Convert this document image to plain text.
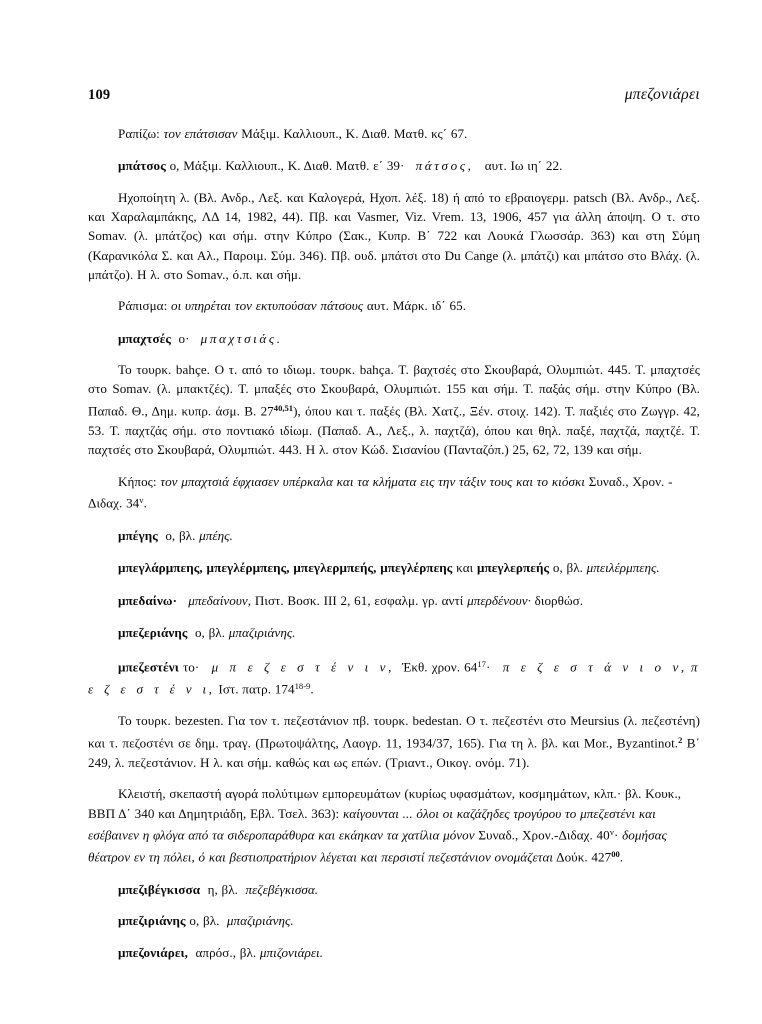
109	μπεζονιάρει

Ραπίζω: τον επάτσισαν Μάξιμ. Καλλιουπ., Κ. Διαθ. Ματθ. κς΄ 67.

μπάτσος ο, Μάξιμ. Καλλιουπ., Κ. Διαθ. Ματθ. ε΄ 39· πάτσος, αυτ. Ιω ιη΄ 22.

Ηχοποίητη λ. (Βλ. Ανδρ., Λεξ. και Καλογερά, Ηχοπ. λέξ. 18) ή από το εβραιογερμ. patsch (Βλ. Ανδρ., Λεξ. και Χαραλαμπάκης, ΛΔ 14, 1982, 44). Πβ. και Vasmer, Viz. Vrem. 13, 1906, 457 για άλλη άποψη. Ο τ. στο Somav. (λ. μπάτζος) και σήμ. στην Κύπρο (Σακ., Κυπρ. Β΄ 722 και Λουκά Γλωσσάρ. 363) και στη Σύμη (Καρανικόλα Σ. και Αλ., Παροιμ. Σύμ. 346). Πβ. ουδ. μπάτσι στο Du Cange (λ. μπάτζι) και μπάτσο στο Βλάχ. (λ. μπάτζο). Η λ. στο Somav., ό.π. και σήμ.

Ράπισμα: οι υπηρέται τον εκτυπούσαν πάτσους αυτ. Μάρκ. ιδ΄ 65.

μπαχτσές ο· μπαχτσιάς.

Το τουρκ. bahçe. Ο τ. από το ιδιωμ. τουρκ. bahça. Τ. βαχτσές στο Σκουβαρά, Ολυμπιώτ. 445. Τ. μπαχτσές στο Somav. (λ. μπακτζές). Τ. μπαξές στο Σκουβαρά, Ολυμπιώτ. 155 και σήμ. Τ. παξάς σήμ. στην Κύπρο (Βλ. Παπαδ. Θ., Δημ. κυπρ. άσμ. Β. 27$^{40,51}$), όπου και τ. παξές (Βλ. Χατζ., Ξέν. στοιχ. 142). Τ. παξιές στο Ζωγγρ. 42, 53. Τ. παχτζάς σήμ. στο ποντιακό ιδίωμ. (Παπαδ. Α., Λεξ., λ. παχτζά), όπου και θηλ. παξέ, παχτζά, παχτζέ. Τ. παχτσές στο Σκουβαρά, Ολυμπιώτ. 443. Η λ. στον Κώδ. Σισανίου (Πανταζόπ.) 25, 62, 72, 139 και σήμ.

Κήπος: τον μπαχτσιά έφχιασεν υπέρκαλα και τα κλήματα εις την τάξιν τους και το κιόσκι Συναδ., Χρον. - Διδαχ. 34$^v$.

μπέγης ο, βλ. μπέης.

μπεγλάρμπεης, μπεγλέρμπεης, μπεγλερμπεής, μπεγλέρπεης και μπεγλερπεής ο, βλ. μπειλέρμπεης.

μπεδαίνω· μπεδαίνουν, Πιστ. Βοσκ. III 2, 61, εσφαλμ. γρ. αντί μπερδένουν· διορθώσ.

μπεζεριάνης ο, βλ. μπαζιριάνης.

μπεζεστένι το· μ π ε ζ ε σ τ έ ν ι ν, Έκθ. χρον. $64^{17}\cdot \pi$ ε ζ ε σ τ ά ν ι ο ν, π ε ζ ε σ τ έ ν ι, Ιστ. πατρ. 174$^{18-9}$.

Το τουρκ. bezesten. Για τον τ. πεζεστάνιον πβ. τουρκ. bedestan. Ο τ. πεζεστένι στο Meursius (λ. πεζεστένη) και τ. πεζοστένι σε δημ. τραγ. (Πρωτοψάλτης, Λαογρ. 11, 1934/37, 165). Για τη λ. βλ. και Mor., Byzantinot.$^2$ Β΄ 249, λ. πεζεστάνιον. Η λ. και σήμ. καθώς και ως επών. (Τριαντ., Οικογ. ονόμ. 71).

Κλειστή, σκεπαστή αγορά πολύτιμων εμπορευμάτων (κυρίως υφασμάτων, κοσμημάτων, κλπ.· βλ. Κουκ., ΒΒΠ Δ΄ 340 και Δημητριάδη, Εβλ. Τσελ. 363): καίγουνται ... όλοι οι καζάζηδες τρογύρου το μπεζεστένι και εσέβαινεν η φλόγα από τα σιδεροπαράθυρα και εκάηκαν τα χατίλια μόνον Συναδ., Χρον.-Διδαχ. $40^v\cdot \delta o\mu ή\sigma\alpha\varsigma$ θέατρον εν τη πόλει, ό και βεστιοπρατήριον λέγεται και περσιστί πεζεστάνιον ονομάζεται Δούκ. $427^{00}$.

μπεζιβέγκισσα η, βλ. πεζεβέγκισσα.

μπεζιριάνης ο, βλ. μπαζιριάνης.

μπεζονιάρει, απρόσ., βλ. μπιζονιάρει.
